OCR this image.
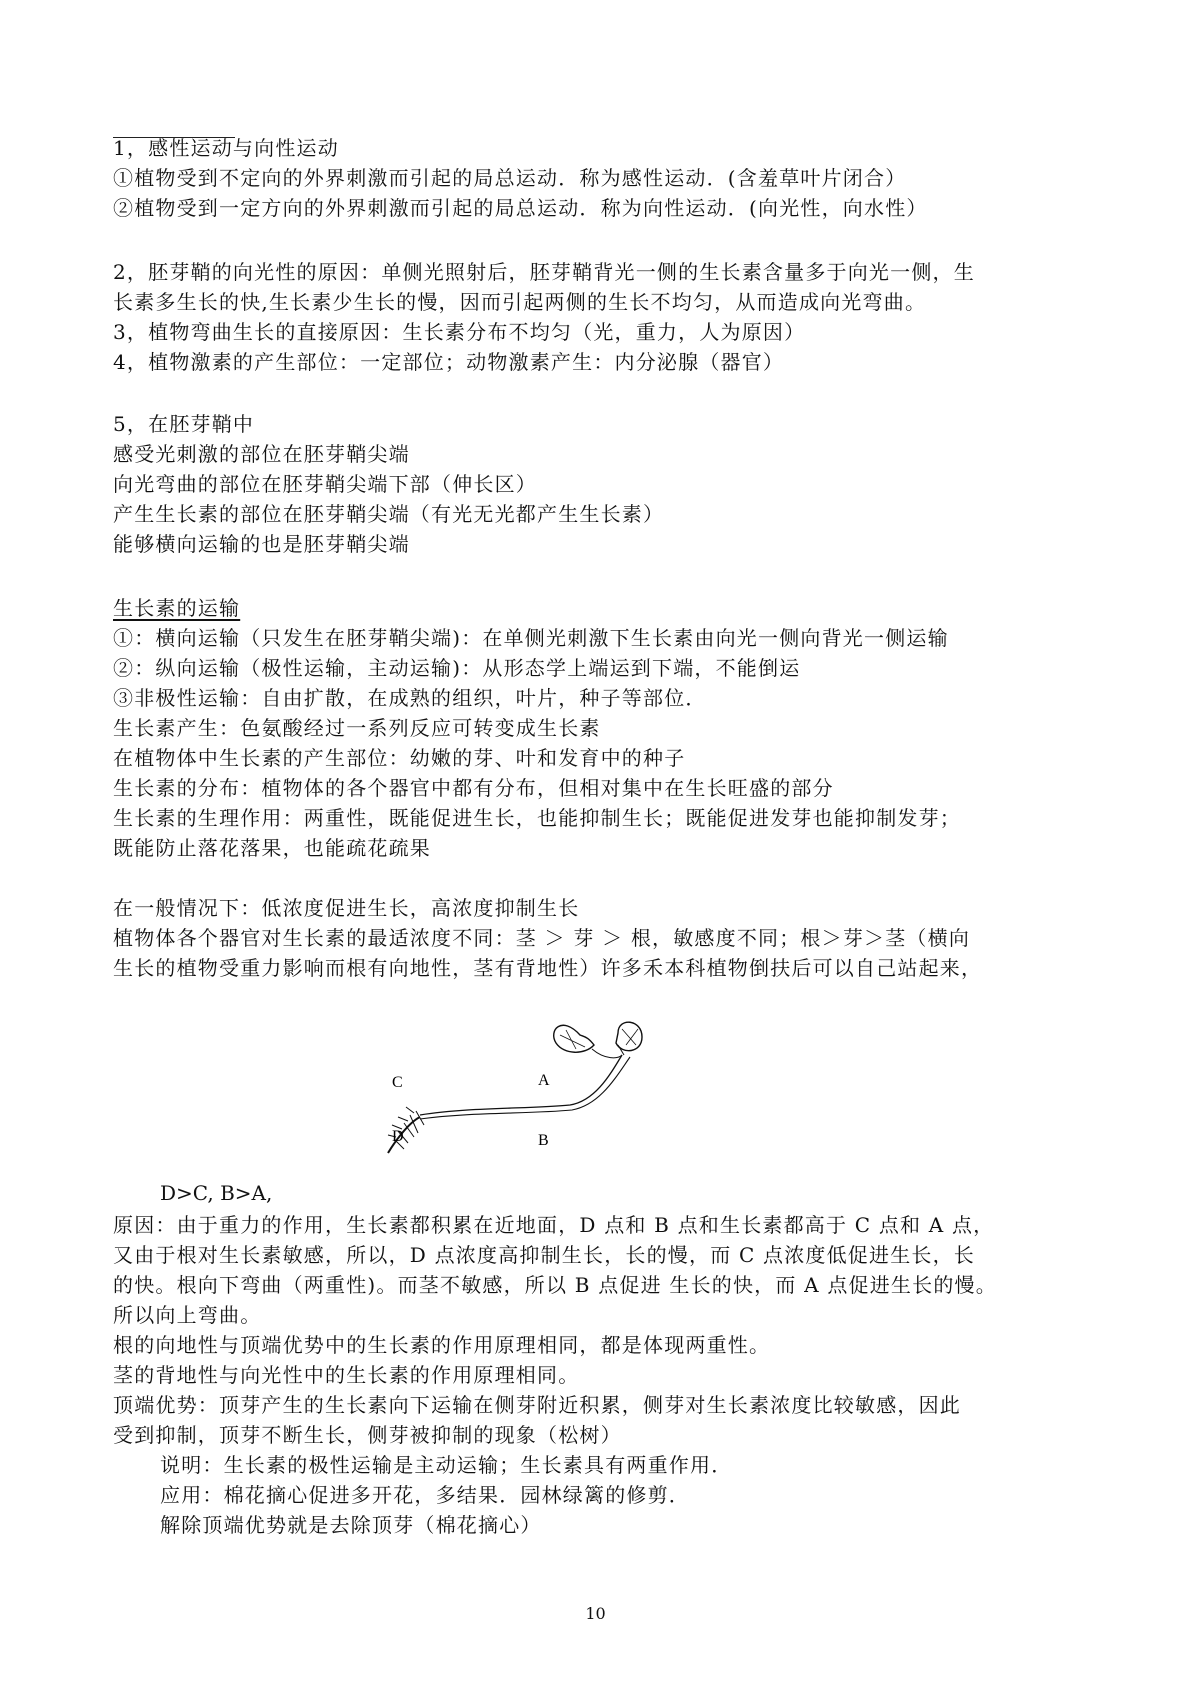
1，感性运动与向性运动
①植物受到不定向的外界刺激而引起的局总运动．称为感性运动．(含羞草叶片闭合）
②植物受到一定方向的外界刺激而引起的局总运动．称为向性运动．(向光性，向水性）
2，胚芽鞘的向光性的原因：单侧光照射后，胚芽鞘背光一侧的生长素含量多于向光一侧，生
长素多生长的快,生长素少生长的慢，因而引起两侧的生长不均匀，从而造成向光弯曲。
3，植物弯曲生长的直接原因：生长素分布不均匀（光，重力，人为原因）
4，植物激素的产生部位：一定部位；动物激素产生：内分泌腺（器官）
5，在胚芽鞘中
感受光刺激的部位在胚芽鞘尖端
向光弯曲的部位在胚芽鞘尖端下部（伸长区）
产生生长素的部位在胚芽鞘尖端（有光无光都产生生长素）
能够横向运输的也是胚芽鞘尖端
生长素的运输
①：横向运输（只发生在胚芽鞘尖端)：在单侧光刺激下生长素由向光一侧向背光一侧运输
②：纵向运输（极性运输，主动运输)：从形态学上端运到下端，不能倒运
③非极性运输：自由扩散，在成熟的组织，叶片，种子等部位．
生长素产生：色氨酸经过一系列反应可转变成生长素
在植物体中生长素的产生部位：幼嫩的芽、叶和发育中的种子
生长素的分布：植物体的各个器官中都有分布，但相对集中在生长旺盛的部分
生长素的生理作用：两重性，既能促进生长，也能抑制生长；既能促进发芽也能抑制发芽；
既能防止落花落果，也能疏花疏果
在一般情况下：低浓度促进生长，高浓度抑制生长
植物体各个器官对生长素的最适浓度不同：茎 ＞ 芽 ＞ 根，敏感度不同；根＞芽＞茎（横向
生长的植物受重力影响而根有向地性，茎有背地性）许多禾本科植物倒扶后可以自己站起来，
C	A
B
D
D>C, B>A,
原因：由于重力的作用，生长素都积累在近地面，D 点和 B 点和生长素都高于 C 点和 A 点，
又由于根对生长素敏感，所以，D 点浓度高抑制生长，长的慢，而 C 点浓度低促进生长，长
的快。根向下弯曲（两重性)。而茎不敏感，所以 B 点促进 生长的快，而 A 点促进生长的慢。
所以向上弯曲。
根的向地性与顶端优势中的生长素的作用原理相同，都是体现两重性。
茎的背地性与向光性中的生长素的作用原理相同。
顶端优势：顶芽产生的生长素向下运输在侧芽附近积累，侧芽对生长素浓度比较敏感，因此
受到抑制，顶芽不断生长，侧芽被抑制的现象（松树）
说明：生长素的极性运输是主动运输；生长素具有两重作用．
应用：棉花摘心促进多开花，多结果．园林绿篱的修剪．
解除顶端优势就是去除顶芽（棉花摘心）
10
